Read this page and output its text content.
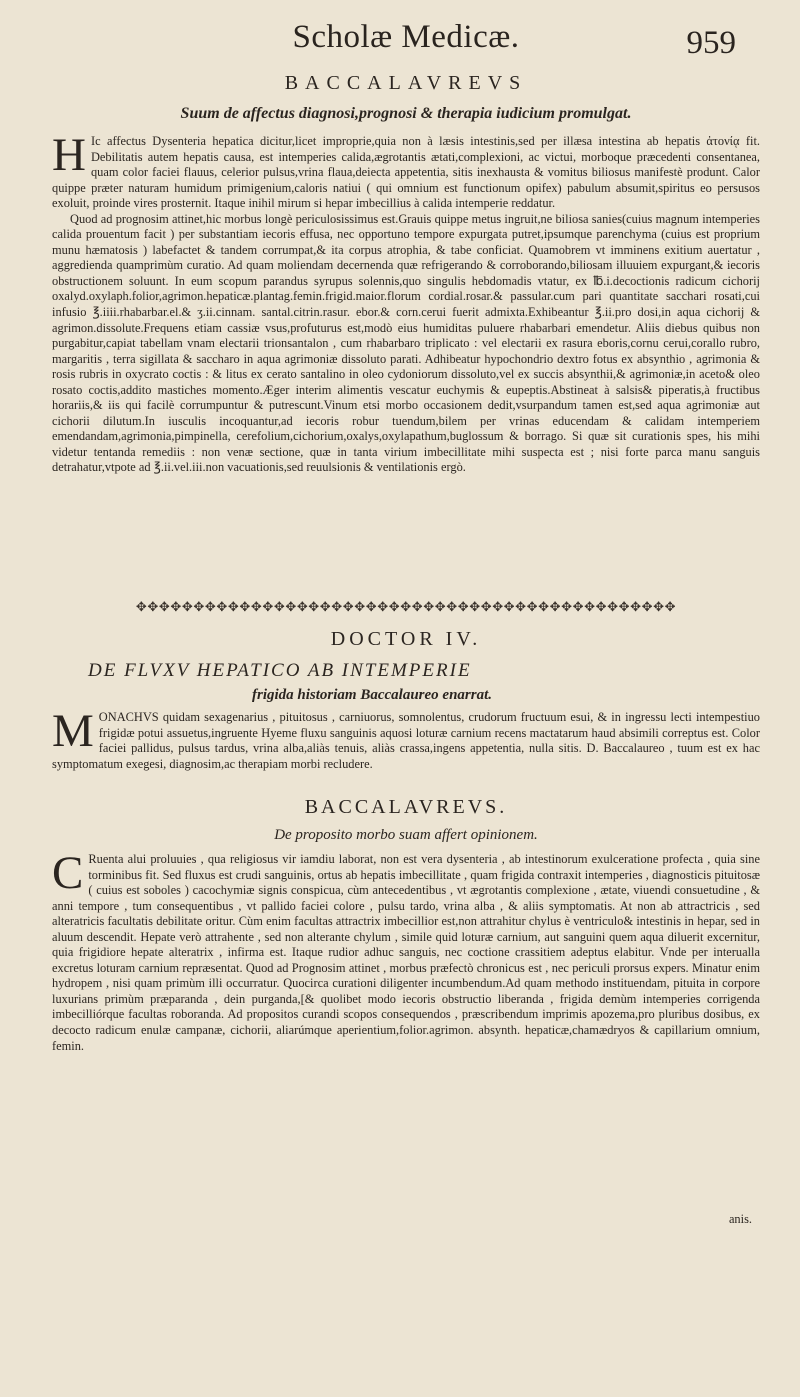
Scholæ Medicæ.	959
BACCALAVREVS
Suum de affectus diagnosi,prognosi & therapia iudicium promulgat.

H Ic affectus Dysenteria hepatica dicitur,licet improprie,quia non à læsis intestinis,sed per illæsa intestina ab hepatis ἀτονίᾳ fit. Debilitatis autem hepatis causa, est intemperies calida,ægrotantis ætati,complexioni, ac victui, morboque præcedenti consentanea, quam color faciei flauus, celerior pulsus,vrina flaua,deiecta appetentia, sitis inexhausta & vomitus biliosus manifestè produnt. Calor quippe præter naturam humidum primigenium,caloris natiui ( qui omnium est functionum opifex) pabulum absumit,spiritus eo persusos exoluit, proinde vires prosternit. Itaque inihil mirum si hepar imbecillius à calida intemperie reddatur.

Quod ad prognosim attinet,hic morbus longè periculosissimus est.Grauis quippe metus ingruit,ne biliosa sanies(cuius magnum intemperies calida prouentum facit ) per substantiam iecoris effusa, nec opportuno tempore expurgata putret,ipsumque parenchyma (cuius est proprium munu hæmatosis ) labefactet & tandem corrumpat,& ita corpus atrophia, & tabe conficiat. Quamobrem vt imminens exitium auertatur , aggredienda quamprimùm curatio. Ad quam moliendam decernenda quæ refrigerando & corroborando,biliosam illuuiem expurgant,& iecoris obstructionem soluunt. In eum scopum parandus syrupus solennis,quo singulis hebdomadis vtatur, ex ℔.i.decoctionis radicum cichorij oxalyd.oxylaph.folior,agrimon.hepaticæ.plantag.femin.frigid.maior.florum cordial.rosar.& passular.cum pari quantitate sacchari rosati,cui infusio ℥.iiii.rhabarbar.el.& ʒ.ii.cinnam. santal.citrin.rasur. ebor.& corn.cerui fuerit admixta.Exhibeantur ℥.ii.pro dosi,in aqua cichorij & agrimon.dissolute.Frequens etiam cassiæ vsus,profuturus est,modò eius humiditas puluere rhabarbari emendetur. Aliis diebus quibus non purgabitur,capiat tabellam vnam electarii trionsantalon , cum rhabarbaro triplicato : vel electarii ex rasura eboris,cornu cerui,corallo rubro, margaritis , terra sigillata & saccharo in aqua agrimoniæ dissoluto parati. Adhibeatur hypochondrio dextro fotus ex absynthio , agrimonia & rosis rubris in oxycrato coctis : & litus ex cerato santalino in oleo cydoniorum dissoluto,vel ex succis absynthii,& agrimoniæ,in aceto& oleo rosato coctis,addito mastiches momento.Æger interim alimentis vescatur euchymis & eupeptis.Abstineat à salsis& piperatis,à fructibus horariis,& iis qui facilè corrumpuntur & putrescunt.Vinum etsi morbo occasionem dedit,vsurpandum tamen est,sed aqua agrimoniæ aut cichorii dilutum.In iusculis incoquantur,ad iecoris robur tuendum,bilem per vrinas educendam & calidam intemperiem emendandam,agrimonia,pimpinella, cerefolium,cichorium,oxalys,oxylapathum,buglossum & borrago. Si quæ sit curationis spes, his mihi videtur tentanda remediis : non venæ sectione, quæ in tanta virium imbecillitate mihi suspecta est ; nisi forte parca manu sanguis detrahatur,vtpote ad ℥.ii.vel.iii.non vacuationis,sed reuulsionis & ventilationis ergò.

✥✥✥✥✥✥✥✥✥✥✥✥✥✥✥✥✥✥✥✥✥✥✥✥✥✥✥✥✥✥✥✥✥✥✥✥✥✥✥✥✥✥✥✥✥✥✥
DOCTOR IV.
DE FLVXV HEPATICO AB INTEMPERIE
frigida historiam Baccalaureo enarrat.

MONACHVS quidam sexagenarius , pituitosus , carniuorus, somnolentus, crudorum fructuum esui, & in ingressu lecti intempestiuo frigidæ potui assuetus,ingruente Hyeme fluxu sanguinis aquosi loturæ carnium recens mactatarum haud absimili correptus est. Color faciei pallidus, pulsus tardus, vrina alba,aliàs tenuis, aliàs crassa,ingens appetentia, nulla sitis. D. Baccalaureo , tuum est ex hac symptomatum exegesi, diagnosim,ac therapiam morbi recludere.

BACCALAVREVS.
De proposito morbo suam affert opinionem.

C Ruenta alui proluuies , qua religiosus vir iamdiu laborat, non est vera dysenteria , ab intestinorum exulceratione profecta , quia sine torminibus fit. Sed fluxus est crudi sanguinis, ortus ab hepatis imbecillitate , quam frigida contraxit intemperies , diagnosticis pituitosæ ( cuius est soboles ) cacochymiæ signis conspicua, cùm antecedentibus , vt ægrotantis complexione , ætate, viuendi consuetudine , & anni tempore , tum consequentibus , vt pallido faciei colore , pulsu tardo, vrina alba , & aliis symptomatis. At non ab attractricis , sed alteratricis facultatis debilitate oritur. Cùm enim facultas attractrix imbecillior est,non attrahitur chylus è ventriculo& intestinis in hepar, sed in aluum descendit. Hepate verò attrahente , sed non alterante chylum , simile quid loturæ carnium, aut sanguini quem aqua diluerit excernitur, quia frigidiore hepate alteratrix , infirma est. Itaque rudior adhuc sanguis, nec coctione crassitiem adeptus elabitur. Vnde per interualla excretus loturam carnium repræsentat. Quod ad Prognosim attinet , morbus præfectò chronicus est , nec periculi prorsus expers. Minatur enim hydropem , nisi quam primùm illi occurratur. Quocirca curationi diligenter incumbendum.Ad quam methodo instituendam, pituita in corpore luxurians primùm præparanda , dein purganda,[& quolibet modo iecoris obstructio liberanda , frigida demùm intemperies corrigenda imbecilliórque facultas roboranda. Ad propositos curandi scopos consequendos , præscribendum imprimis apozema,pro pluribus dosibus, ex decocto radicum enulæ campanæ, cichorii, aliarúmque aperientium,folior.agrimon. absynth. hepaticæ,chamædryos & capillarium omnium, femin.

anis.
